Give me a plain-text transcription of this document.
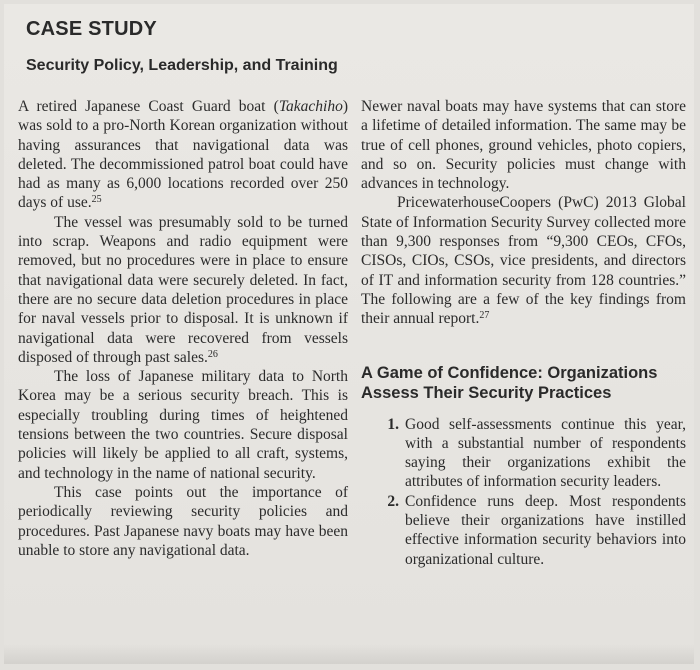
CASE STUDY
Security Policy, Leadership, and Training

A retired Japanese Coast Guard boat (Takachiho) was sold to a pro-North Korean organization without having assurances that navigational data was deleted. The decommissioned patrol boat could have had as many as 6,000 locations recorded over 250 days of use.$^{25}$

The vessel was presumably sold to be turned into scrap. Weapons and radio equipment were removed, but no procedures were in place to ensure that navigational data were securely deleted. In fact, there are no secure data deletion procedures in place for naval vessels prior to disposal. It is unknown if navigational data were recovered from vessels disposed of through past sales.$^{26}$

The loss of Japanese military data to North Korea may be a serious security breach. This is especially troubling during times of heightened tensions between the two countries. Secure disposal policies will likely be applied to all craft, systems, and technology in the name of national security.

This case points out the importance of periodically reviewing security policies and procedures. Past Japanese navy boats may have been unable to store any navigational data.

Newer naval boats may have systems that can store a lifetime of detailed information. The same may be true of cell phones, ground vehicles, photo copiers, and so on. Security policies must change with advances in technology.

PricewaterhouseCoopers (PwC) 2013 Global State of Information Security Survey collected more than 9,300 responses from “9,300 CEOs, CFOs, CISOs, CIOs, CSOs, vice presidents, and directors of IT and information security from 128 countries.” The following are a few of the key findings from their annual report.$^{27}$

A Game of Confidence: Organizations Assess Their Security Practices
1. Good self-assessments continue this year, with a substantial number of respondents saying their organizations exhibit the attributes of information security leaders.
2. Confidence runs deep. Most respondents believe their organizations have instilled effective information security behaviors into organizational culture.
